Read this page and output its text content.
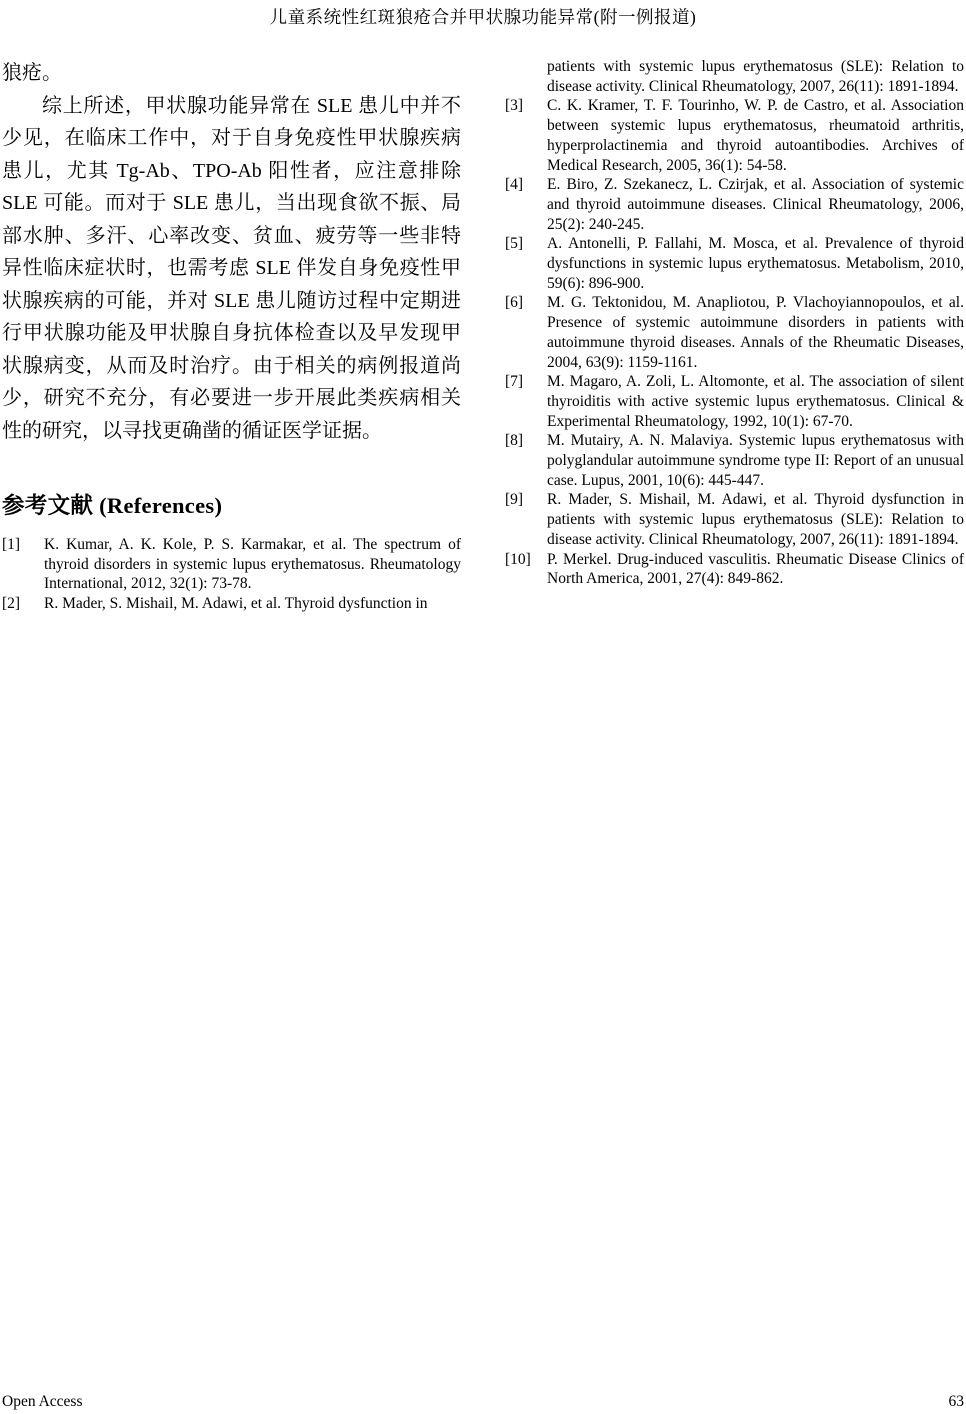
儿童系统性红斑狼疮合并甲状腺功能异常(附一例报道)

狼疮。

综上所述，甲状腺功能异常在 SLE 患儿中并不少见，在临床工作中，对于自身免疫性甲状腺疾病患儿，尤其 Tg-Ab、TPO-Ab 阳性者，应注意排除 SLE 可能。而对于 SLE 患儿，当出现食欲不振、局部水肿、多汗、心率改变、贫血、疲劳等一些非特异性临床症状时，也需考虑 SLE 伴发自身免疫性甲状腺疾病的可能，并对 SLE 患儿随访过程中定期进行甲状腺功能及甲状腺自身抗体检查以及早发现甲状腺病变，从而及时治疗。由于相关的病例报道尚少，研究不充分，有必要进一步开展此类疾病相关性的研究，以寻找更确凿的循证医学证据。

参考文献 (References)
[1] K. Kumar, A. K. Kole, P. S. Karmakar, et al. The spectrum of thyroid disorders in systemic lupus erythematosus. Rheumatology International, 2012, 32(1): 73-78.
[2] R. Mader, S. Mishail, M. Adawi, et al. Thyroid dysfunction in

patients with systemic lupus erythematosus (SLE): Relation to disease activity. Clinical Rheumatology, 2007, 26(11): 1891-1894.

[3] C. K. Kramer, T. F. Tourinho, W. P. de Castro, et al. Association between systemic lupus erythematosus, rheumatoid arthritis, hyperprolactinemia and thyroid autoantibodies. Archives of Medical Research, 2005, 36(1): 54-58.
[4] E. Biro, Z. Szekanecz, L. Czirjak, et al. Association of systemic and thyroid autoimmune diseases. Clinical Rheumatology, 2006, 25(2): 240-245.
[5] A. Antonelli, P. Fallahi, M. Mosca, et al. Prevalence of thyroid dysfunctions in systemic lupus erythematosus. Metabolism, 2010, 59(6): 896-900.
[6] M. G. Tektonidou, M. Anapliotou, P. Vlachoyiannopoulos, et al. Presence of systemic autoimmune disorders in patients with autoimmune thyroid diseases. Annals of the Rheumatic Diseases, 2004, 63(9): 1159-1161.
[7] M. Magaro, A. Zoli, L. Altomonte, et al. The association of silent thyroiditis with active systemic lupus erythematosus. Clinical & Experimental Rheumatology, 1992, 10(1): 67-70.
[8] M. Mutairy, A. N. Malaviya. Systemic lupus erythematosus with polyglandular autoimmune syndrome type II: Report of an unusual case. Lupus, 2001, 10(6): 445-447.
[9] R. Mader, S. Mishail, M. Adawi, et al. Thyroid dysfunction in patients with systemic lupus erythematosus (SLE): Relation to disease activity. Clinical Rheumatology, 2007, 26(11): 1891-1894.
[10] P. Merkel. Drug-induced vasculitis. Rheumatic Disease Clinics of North America, 2001, 27(4): 849-862.
Open Access	63
